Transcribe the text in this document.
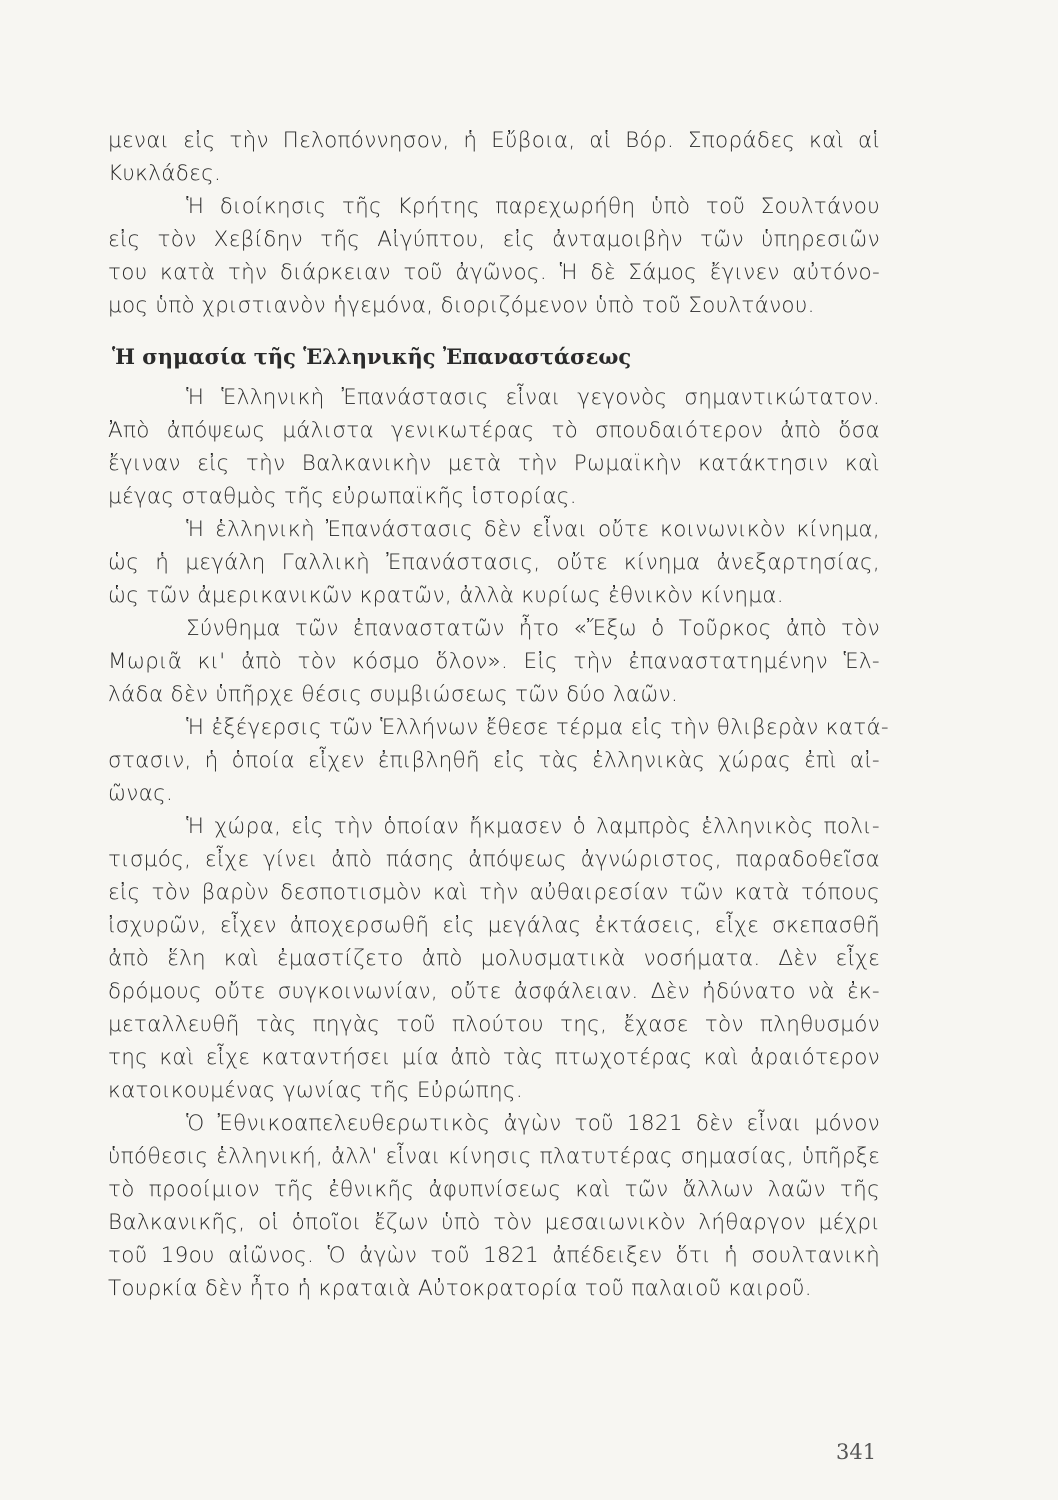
μεναι εἰς τὴν Πελοπόννησον, ἡ Εὔβοια, αἱ Βόρ. Σποράδες καὶ αἱ
Κυκλάδες.
Ἡ διοίκησις τῆς Κρήτης παρεχωρήθη ὑπὸ τοῦ Σουλτάνου
εἰς τὸν Χεβίδην τῆς Αἰγύπτου, εἰς ἀνταμοιβὴν τῶν ὑπηρεσιῶν
του κατὰ τὴν διάρκειαν τοῦ ἀγῶνος. Ἡ δὲ Σάμος ἔγινεν αὐτόνο-
μος ὑπὸ χριστιανὸν ἡγεμόνα, διοριζόμενον ὑπὸ τοῦ Σουλτάνου.
Ἡ σημασία τῆς Ἑλληνικῆς Ἐπαναστάσεως
Ἡ Ἑλληνικὴ Ἐπανάστασις εἶναι γεγονὸς σημαντικώτατον.
Ἀπὸ ἀπόψεως μάλιστα γενικωτέρας τὸ σπουδαιότερον ἀπὸ ὅσα
ἔγιναν εἰς τὴν Βαλκανικὴν μετὰ τὴν Ρωμαϊκὴν κατάκτησιν καὶ
μέγας σταθμὸς τῆς εὐρωπαϊκῆς ἱστορίας.
Ἡ ἑλληνικὴ Ἐπανάστασις δὲν εἶναι οὔτε κοινωνικὸν κίνημα,
ὡς ἡ μεγάλη Γαλλικὴ Ἐπανάστασις, οὔτε κίνημα ἀνεξαρτησίας,
ὡς τῶν ἀμερικανικῶν κρατῶν, ἀλλὰ κυρίως ἐθνικὸν κίνημα.
Σύνθημα τῶν ἐπαναστατῶν ἦτο «Ἔξω ὁ Τοῦρκος ἀπὸ τὸν
Μωριᾶ κι' ἀπὸ τὸν κόσμο ὅλον». Εἰς τὴν ἐπαναστατημένην Ἑλ-
λάδα δὲν ὑπῆρχε θέσις συμβιώσεως τῶν δύο λαῶν.
Ἡ ἐξέγερσις τῶν Ἑλλήνων ἔθεσε τέρμα εἰς τὴν θλιβερὰν κατά-
στασιν, ἡ ὁποία εἶχεν ἐπιβληθῆ εἰς τὰς ἑλληνικὰς χώρας ἐπὶ αἰ-
ῶνας.
Ἡ χώρα, εἰς τὴν ὁποίαν ἤκμασεν ὁ λαμπρὸς ἑλληνικὸς πολι-
τισμός, εἶχε γίνει ἀπὸ πάσης ἀπόψεως ἀγνώριστος, παραδοθεῖσα
εἰς τὸν βαρὺν δεσποτισμὸν καὶ τὴν αὐθαιρεσίαν τῶν κατὰ τόπους
ἰσχυρῶν, εἶχεν ἀποχερσωθῆ εἰς μεγάλας ἐκτάσεις, εἶχε σκεπασθῆ
ἀπὸ ἕλη καὶ ἐμαστίζετο ἀπὸ μολυσματικὰ νοσήματα. Δὲν εἶχε
δρόμους οὔτε συγκοινωνίαν, οὔτε ἀσφάλειαν. Δὲν ἠδύνατο νὰ ἐκ-
μεταλλευθῆ τὰς πηγὰς τοῦ πλούτου της, ἔχασε τὸν πληθυσμόν
της καὶ εἶχε καταντήσει μία ἀπὸ τὰς πτωχοτέρας καὶ ἀραιότερον
κατοικουμένας γωνίας τῆς Εὐρώπης.
Ὁ Ἐθνικοαπελευθερωτικὸς ἀγὼν τοῦ 1821 δὲν εἶναι μόνον
ὑπόθεσις ἑλληνική, ἀλλ' εἶναι κίνησις πλατυτέρας σημασίας, ὑπῆρξε
τὸ προοίμιον τῆς ἐθνικῆς ἀφυπνίσεως καὶ τῶν ἄλλων λαῶν τῆς
Βαλκανικῆς, οἱ ὁποῖοι ἔζων ὑπὸ τὸν μεσαιωνικὸν λήθαργον μέχρι
τοῦ 19ου αἰῶνος. Ὁ ἀγὼν τοῦ 1821 ἀπέδειξεν ὅτι ἡ σουλτανικὴ
Τουρκία δὲν ἦτο ἡ κραταιὰ Αὐτοκρατορία τοῦ παλαιοῦ καιροῦ.
341
